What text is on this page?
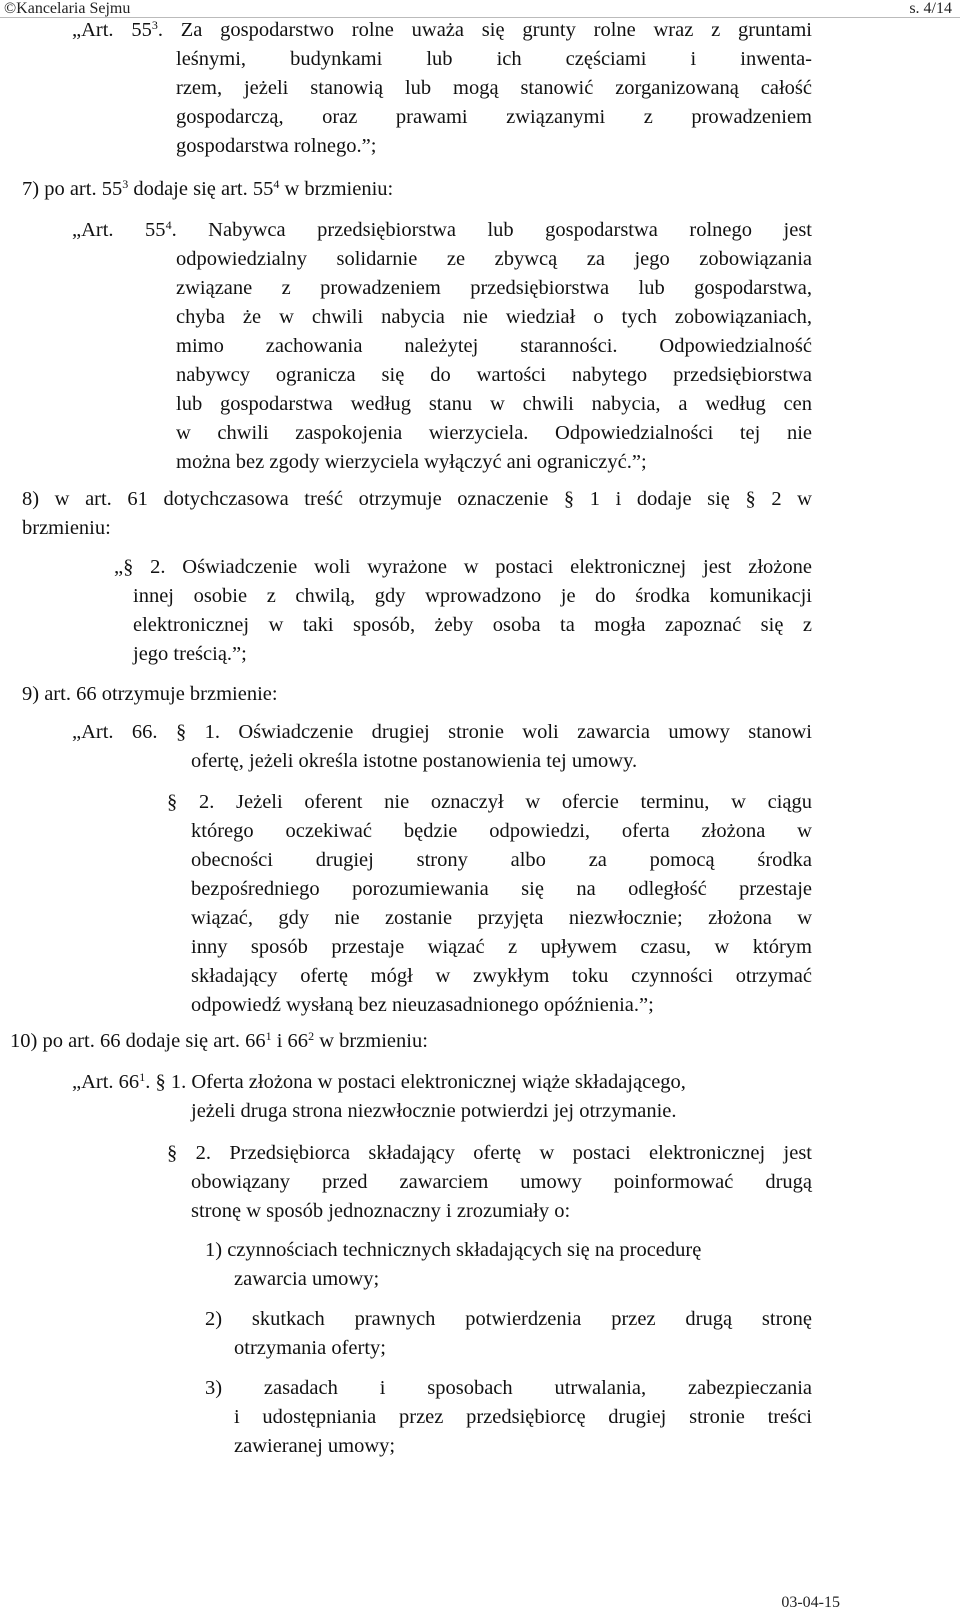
©Kancelaria Sejmu	s. 4/14
„Art. $55^3$. Za gospodarstwo rolne uważa się grunty rolne wraz z gruntami
leśnymi, budynkami lub ich częściami i inwenta-
rzem, jeżeli stanowią lub mogą stanowić zorganizowaną całość
gospodarczą, oraz prawami związanymi z prowadzeniem
gospodarstwa rolnego.”;
7) po art. $55^3$ dodaje się art. $55^4$ w brzmieniu:
„Art. $55^4$. Nabywca przedsiębiorstwa lub gospodarstwa rolnego jest
odpowiedzialny solidarnie ze zbywcą za jego zobowiązania
związane z prowadzeniem przedsiębiorstwa lub gospodarstwa,
chyba że w chwili nabycia nie wiedział o tych zobowiązaniach,
mimo zachowania należytej staranności. Odpowiedzialność
nabywcy ogranicza się do wartości nabytego przedsiębiorstwa
lub gospodarstwa według stanu w chwili nabycia, a według cen
w chwili zaspokojenia wierzyciela. Odpowiedzialności tej nie
można bez zgody wierzyciela wyłączyć ani ograniczyć.”;
8) w art. 61 dotychczasowa treść otrzymuje oznaczenie § 1 i dodaje się § 2 w
brzmieniu:
„§ 2. Oświadczenie woli wyrażone w postaci elektronicznej jest złożone
innej osobie z chwilą, gdy wprowadzono je do środka komunikacji
elektronicznej w taki sposób, żeby osoba ta mogła zapoznać się z
jego treścią.”;
9) art. 66 otrzymuje brzmienie:
„Art. 66. § 1. Oświadczenie drugiej stronie woli zawarcia umowy stanowi
ofertę, jeżeli określa istotne postanowienia tej umowy.
§ 2. Jeżeli oferent nie oznaczył w ofercie terminu, w ciągu
którego oczekiwać będzie odpowiedzi, oferta złożona w
obecności drugiej strony albo za pomocą środka
bezpośredniego porozumiewania się na odległość przestaje
wiązać, gdy nie zostanie przyjęta niezwłocznie; złożona w
inny sposób przestaje wiązać z upływem czasu, w którym
składający ofertę mógł w zwykłym toku czynności otrzymać
odpowiedź wysłaną bez nieuzasadnionego opóźnienia.”;
10) po art. 66 dodaje się art. $66^1$ i $66^2$ w brzmieniu:
„Art. $66^1$. § 1. Oferta złożona w postaci elektronicznej wiąże składającego,
jeżeli druga strona niezwłocznie potwierdzi jej otrzymanie.
§ 2. Przedsiębiorca składający ofertę w postaci elektronicznej jest
obowiązany przed zawarciem umowy poinformować drugą
stronę w sposób jednoznaczny i zrozumiały o:
1) czynnościach technicznych składających się na procedurę
zawarcia umowy;
2) skutkach prawnych potwierdzenia przez drugą stronę
otrzymania oferty;
3) zasadach i sposobach utrwalania, zabezpieczania
i udostępniania przez przedsiębiorcę drugiej stronie treści
zawieranej umowy;
03-04-15
